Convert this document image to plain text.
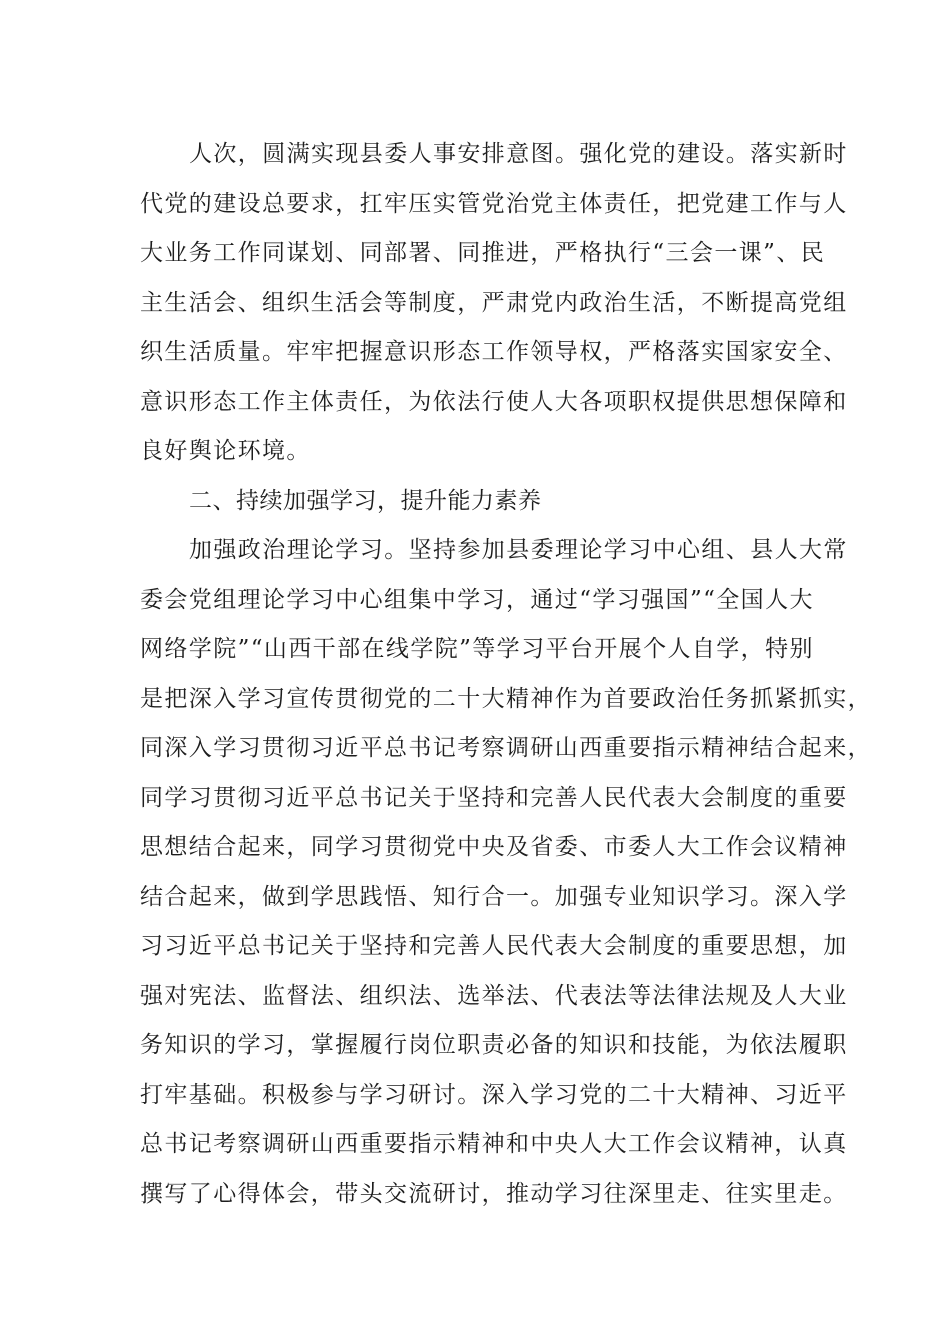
人次，圆满实现县委人事安排意图。强化党的建设。落实新时
代党的建设总要求，扛牢压实管党治党主体责任，把党建工作与人
大业务工作同谋划、同部署、同推进，严格执行“三会一课”、民
主生活会、组织生活会等制度，严肃党内政治生活，不断提高党组
织生活质量。牢牢把握意识形态工作领导权，严格落实国家安全、
意识形态工作主体责任，为依法行使人大各项职权提供思想保障和
良好舆论环境。
二、持续加强学习，提升能力素养
加强政治理论学习。坚持参加县委理论学习中心组、县人大常
委会党组理论学习中心组集中学习，通过“学习强国”“全国人大
网络学院”“山西干部在线学院”等学习平台开展个人自学，特别
是把深入学习宣传贯彻党的二十大精神作为首要政治任务抓紧抓实，
同深入学习贯彻习近平总书记考察调研山西重要指示精神结合起来，
同学习贯彻习近平总书记关于坚持和完善人民代表大会制度的重要
思想结合起来，同学习贯彻党中央及省委、市委人大工作会议精神
结合起来，做到学思践悟、知行合一。加强专业知识学习。深入学
习习近平总书记关于坚持和完善人民代表大会制度的重要思想，加
强对宪法、监督法、组织法、选举法、代表法等法律法规及人大业
务知识的学习，掌握履行岗位职责必备的知识和技能，为依法履职
打牢基础。积极参与学习研讨。深入学习党的二十大精神、习近平
总书记考察调研山西重要指示精神和中央人大工作会议精神，认真
撰写了心得体会，带头交流研讨，推动学习往深里走、往实里走。
